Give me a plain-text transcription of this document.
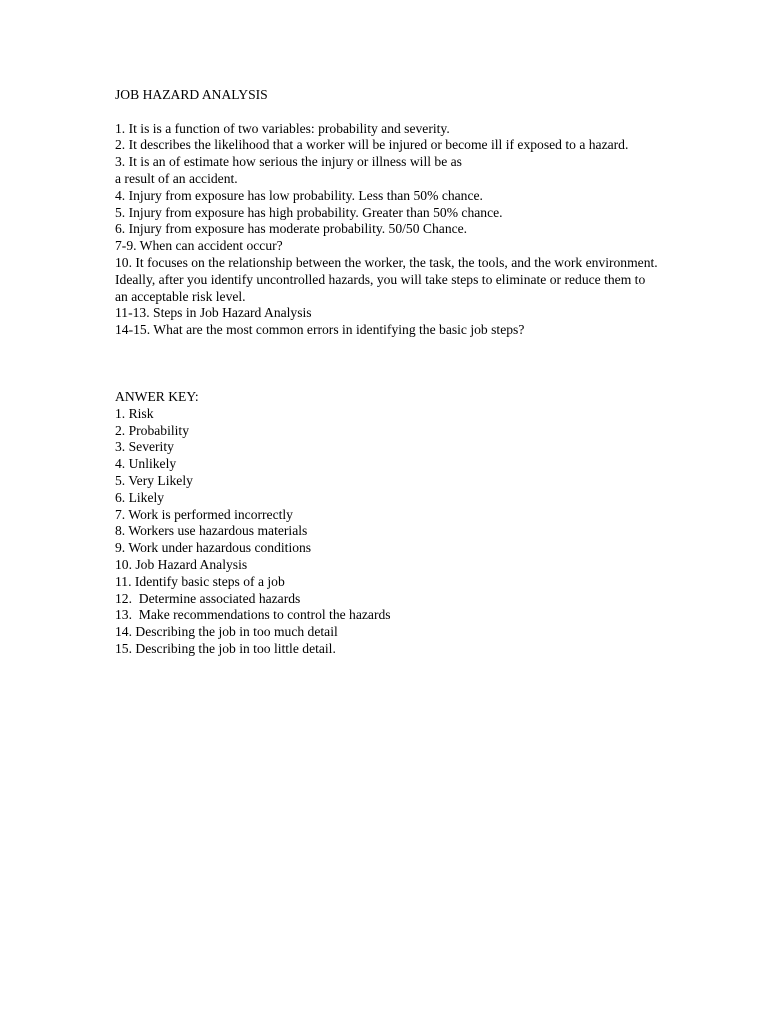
JOB HAZARD ANALYSIS
1. It is is a function of two variables: probability and severity.
2. It describes the likelihood that a worker will be injured or become ill if exposed to a hazard.
3. It is an of estimate how serious the injury or illness will be as
a result of an accident.
4. Injury from exposure has low probability. Less than 50% chance.
5. Injury from exposure has high probability. Greater than 50% chance.
6. Injury from exposure has moderate probability. 50/50 Chance.
7-9. When can accident occur?
10. It focuses on the relationship between the worker, the task, the tools, and the work environment. Ideally, after you identify uncontrolled hazards, you will take steps to eliminate or reduce them to an acceptable risk level.
11-13. Steps in Job Hazard Analysis
14-15. What are the most common errors in identifying the basic job steps?
ANWER KEY:
1. Risk
2. Probability
3. Severity
4. Unlikely
5. Very Likely
6. Likely
7. Work is performed incorrectly
8. Workers use hazardous materials
9. Work under hazardous conditions
10. Job Hazard Analysis
11. Identify basic steps of a job
12.  Determine associated hazards
13.  Make recommendations to control the hazards
14. Describing the job in too much detail
15. Describing the job in too little detail.
